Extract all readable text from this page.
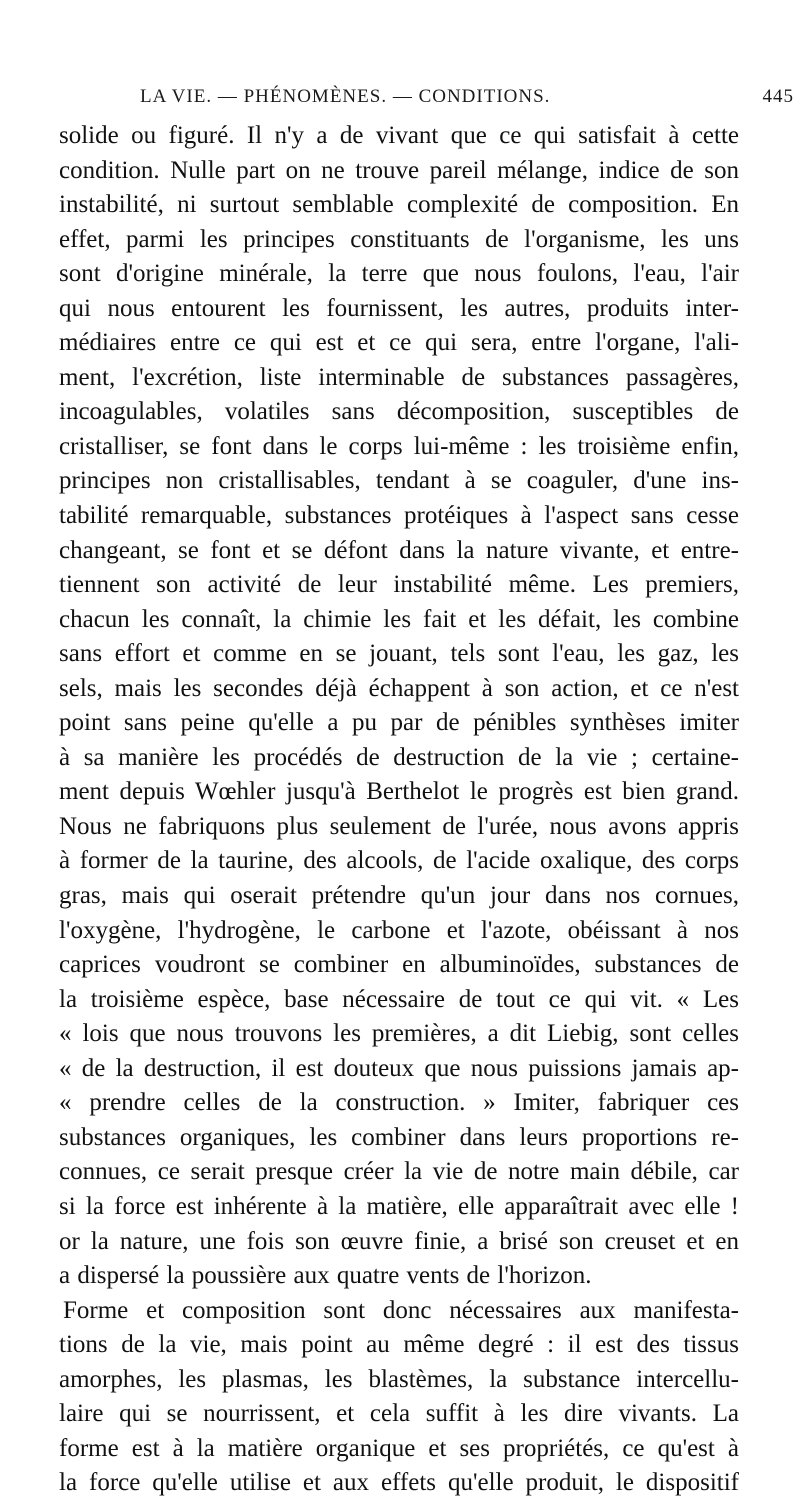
LA VIE. — PHÉNOMÈNES. — CONDITIONS.	445
solide ou figuré. Il n'y a de vivant que ce qui satisfait à cette
condition. Nulle part on ne trouve pareil mélange, indice de son
instabilité, ni surtout semblable complexité de composition. En
effet, parmi les principes constituants de l'organisme, les uns
sont d'origine minérale, la terre que nous foulons, l'eau, l'air
qui nous entourent les fournissent, les autres, produits inter-
médiaires entre ce qui est et ce qui sera, entre l'organe, l'ali-
ment, l'excrétion, liste interminable de substances passagères,
incoagulables, volatiles sans décomposition, susceptibles de
cristalliser, se font dans le corps lui-même : les troisième enfin,
principes non cristallisables, tendant à se coaguler, d'une ins-
tabilité remarquable, substances protéiques à l'aspect sans cesse
changeant, se font et se défont dans la nature vivante, et entre-
tiennent son activité de leur instabilité même. Les premiers,
chacun les connaît, la chimie les fait et les défait, les combine
sans effort et comme en se jouant, tels sont l'eau, les gaz, les
sels, mais les secondes déjà échappent à son action, et ce n'est
point sans peine qu'elle a pu par de pénibles synthèses imiter
à sa manière les procédés de destruction de la vie ; certaine-
ment depuis Wœhler jusqu'à Berthelot le progrès est bien grand.
Nous ne fabriquons plus seulement de l'urée, nous avons appris
à former de la taurine, des alcools, de l'acide oxalique, des corps
gras, mais qui oserait prétendre qu'un jour dans nos cornues,
l'oxygène, l'hydrogène, le carbone et l'azote, obéissant à nos
caprices voudront se combiner en albuminoïdes, substances de
la troisième espèce, base nécessaire de tout ce qui vit. « Les
« lois que nous trouvons les premières, a dit Liebig, sont celles
« de la destruction, il est douteux que nous puissions jamais ap-
« prendre celles de la construction. » Imiter, fabriquer ces
substances organiques, les combiner dans leurs proportions re-
connues, ce serait presque créer la vie de notre main débile, car
si la force est inhérente à la matière, elle apparaîtrait avec elle !
or la nature, une fois son œuvre finie, a brisé son creuset et en
a dispersé la poussière aux quatre vents de l'horizon.
Forme et composition sont donc nécessaires aux manifesta-
tions de la vie, mais point au même degré : il est des tissus
amorphes, les plasmas, les blastèmes, la substance intercellu-
laire qui se nourrissent, et cela suffit à les dire vivants. La
forme est à la matière organique et ses propriétés, ce qu'est à
la force qu'elle utilise et aux effets qu'elle produit, le dispositif
